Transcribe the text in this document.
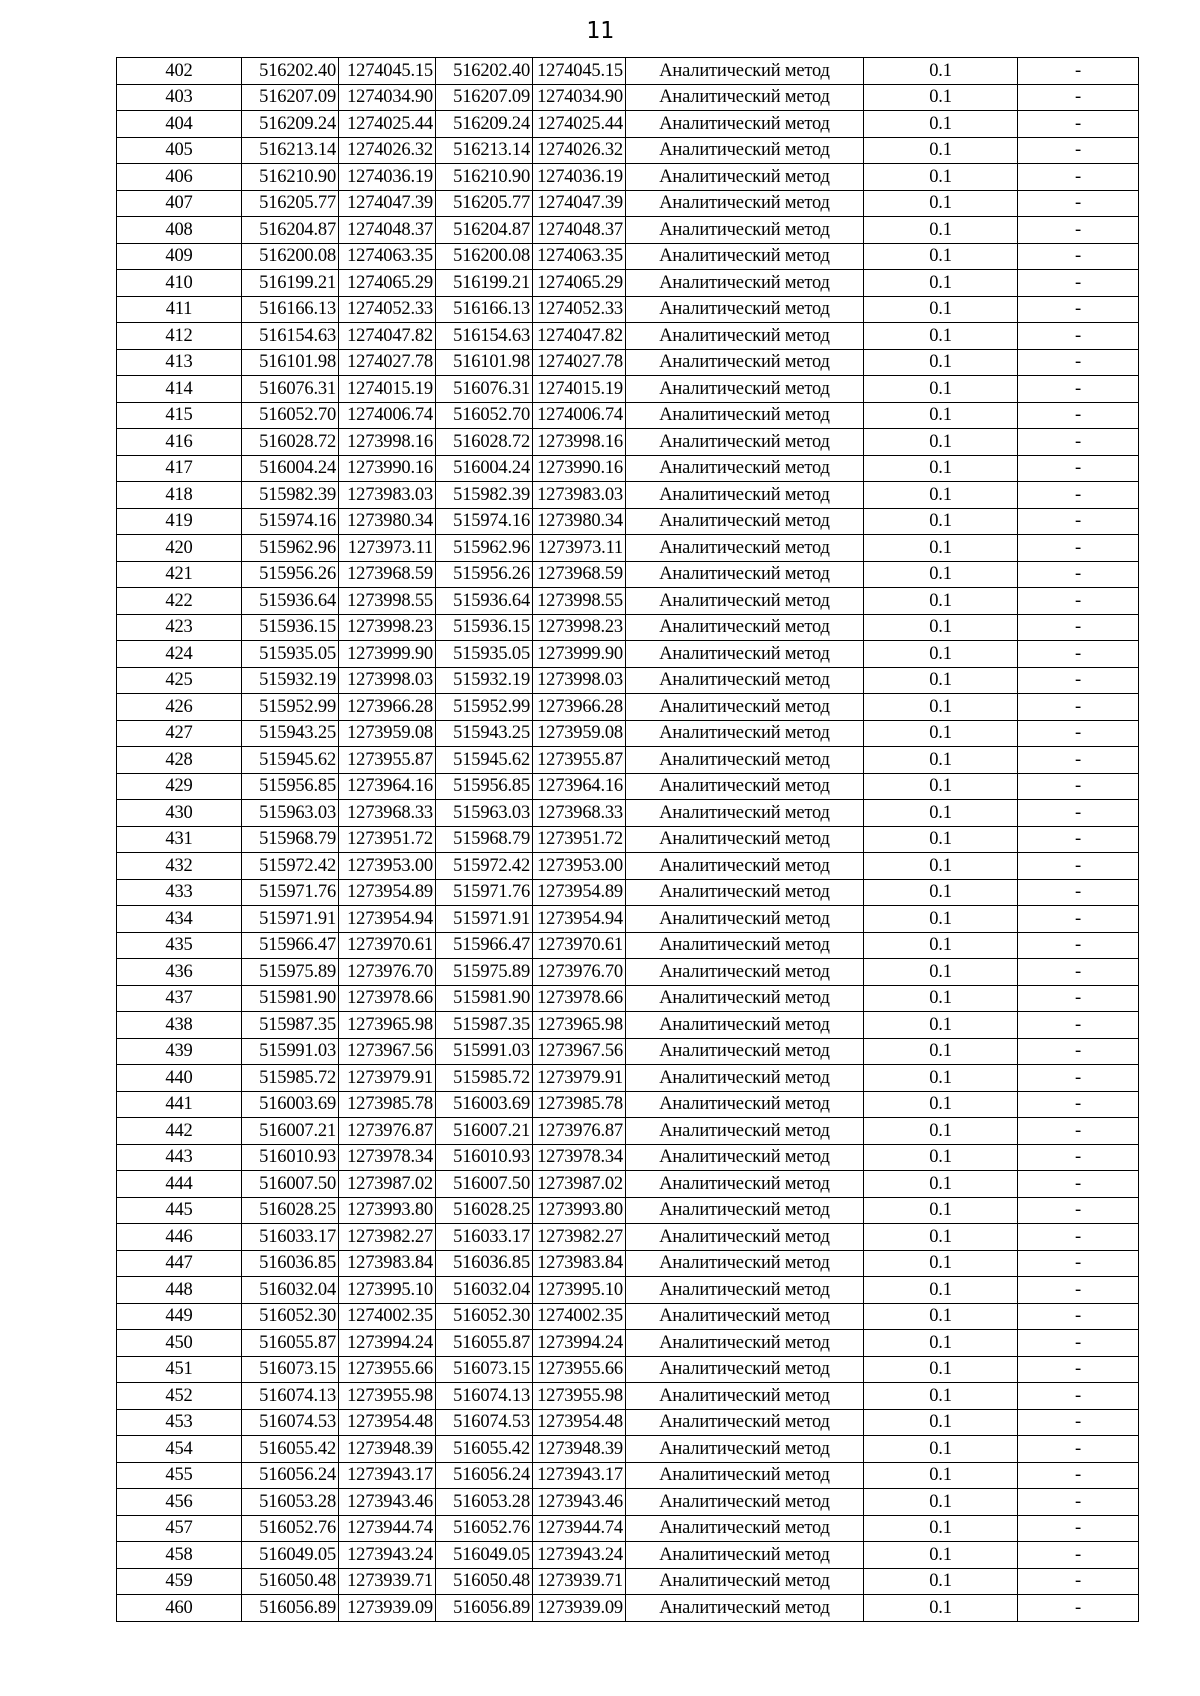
11
402	516202.40	1274045.15	516202.40	1274045.15	Аналитический метод	0.1	-
403	516207.09	1274034.90	516207.09	1274034.90	Аналитический метод	0.1	-
404	516209.24	1274025.44	516209.24	1274025.44	Аналитический метод	0.1	-
405	516213.14	1274026.32	516213.14	1274026.32	Аналитический метод	0.1	-
406	516210.90	1274036.19	516210.90	1274036.19	Аналитический метод	0.1	-
407	516205.77	1274047.39	516205.77	1274047.39	Аналитический метод	0.1	-
408	516204.87	1274048.37	516204.87	1274048.37	Аналитический метод	0.1	-
409	516200.08	1274063.35	516200.08	1274063.35	Аналитический метод	0.1	-
410	516199.21	1274065.29	516199.21	1274065.29	Аналитический метод	0.1	-
411	516166.13	1274052.33	516166.13	1274052.33	Аналитический метод	0.1	-
412	516154.63	1274047.82	516154.63	1274047.82	Аналитический метод	0.1	-
413	516101.98	1274027.78	516101.98	1274027.78	Аналитический метод	0.1	-
414	516076.31	1274015.19	516076.31	1274015.19	Аналитический метод	0.1	-
415	516052.70	1274006.74	516052.70	1274006.74	Аналитический метод	0.1	-
416	516028.72	1273998.16	516028.72	1273998.16	Аналитический метод	0.1	-
417	516004.24	1273990.16	516004.24	1273990.16	Аналитический метод	0.1	-
418	515982.39	1273983.03	515982.39	1273983.03	Аналитический метод	0.1	-
419	515974.16	1273980.34	515974.16	1273980.34	Аналитический метод	0.1	-
420	515962.96	1273973.11	515962.96	1273973.11	Аналитический метод	0.1	-
421	515956.26	1273968.59	515956.26	1273968.59	Аналитический метод	0.1	-
422	515936.64	1273998.55	515936.64	1273998.55	Аналитический метод	0.1	-
423	515936.15	1273998.23	515936.15	1273998.23	Аналитический метод	0.1	-
424	515935.05	1273999.90	515935.05	1273999.90	Аналитический метод	0.1	-
425	515932.19	1273998.03	515932.19	1273998.03	Аналитический метод	0.1	-
426	515952.99	1273966.28	515952.99	1273966.28	Аналитический метод	0.1	-
427	515943.25	1273959.08	515943.25	1273959.08	Аналитический метод	0.1	-
428	515945.62	1273955.87	515945.62	1273955.87	Аналитический метод	0.1	-
429	515956.85	1273964.16	515956.85	1273964.16	Аналитический метод	0.1	-
430	515963.03	1273968.33	515963.03	1273968.33	Аналитический метод	0.1	-
431	515968.79	1273951.72	515968.79	1273951.72	Аналитический метод	0.1	-
432	515972.42	1273953.00	515972.42	1273953.00	Аналитический метод	0.1	-
433	515971.76	1273954.89	515971.76	1273954.89	Аналитический метод	0.1	-
434	515971.91	1273954.94	515971.91	1273954.94	Аналитический метод	0.1	-
435	515966.47	1273970.61	515966.47	1273970.61	Аналитический метод	0.1	-
436	515975.89	1273976.70	515975.89	1273976.70	Аналитический метод	0.1	-
437	515981.90	1273978.66	515981.90	1273978.66	Аналитический метод	0.1	-
438	515987.35	1273965.98	515987.35	1273965.98	Аналитический метод	0.1	-
439	515991.03	1273967.56	515991.03	1273967.56	Аналитический метод	0.1	-
440	515985.72	1273979.91	515985.72	1273979.91	Аналитический метод	0.1	-
441	516003.69	1273985.78	516003.69	1273985.78	Аналитический метод	0.1	-
442	516007.21	1273976.87	516007.21	1273976.87	Аналитический метод	0.1	-
443	516010.93	1273978.34	516010.93	1273978.34	Аналитический метод	0.1	-
444	516007.50	1273987.02	516007.50	1273987.02	Аналитический метод	0.1	-
445	516028.25	1273993.80	516028.25	1273993.80	Аналитический метод	0.1	-
446	516033.17	1273982.27	516033.17	1273982.27	Аналитический метод	0.1	-
447	516036.85	1273983.84	516036.85	1273983.84	Аналитический метод	0.1	-
448	516032.04	1273995.10	516032.04	1273995.10	Аналитический метод	0.1	-
449	516052.30	1274002.35	516052.30	1274002.35	Аналитический метод	0.1	-
450	516055.87	1273994.24	516055.87	1273994.24	Аналитический метод	0.1	-
451	516073.15	1273955.66	516073.15	1273955.66	Аналитический метод	0.1	-
452	516074.13	1273955.98	516074.13	1273955.98	Аналитический метод	0.1	-
453	516074.53	1273954.48	516074.53	1273954.48	Аналитический метод	0.1	-
454	516055.42	1273948.39	516055.42	1273948.39	Аналитический метод	0.1	-
455	516056.24	1273943.17	516056.24	1273943.17	Аналитический метод	0.1	-
456	516053.28	1273943.46	516053.28	1273943.46	Аналитический метод	0.1	-
457	516052.76	1273944.74	516052.76	1273944.74	Аналитический метод	0.1	-
458	516049.05	1273943.24	516049.05	1273943.24	Аналитический метод	0.1	-
459	516050.48	1273939.71	516050.48	1273939.71	Аналитический метод	0.1	-
460	516056.89	1273939.09	516056.89	1273939.09	Аналитический метод	0.1	-
